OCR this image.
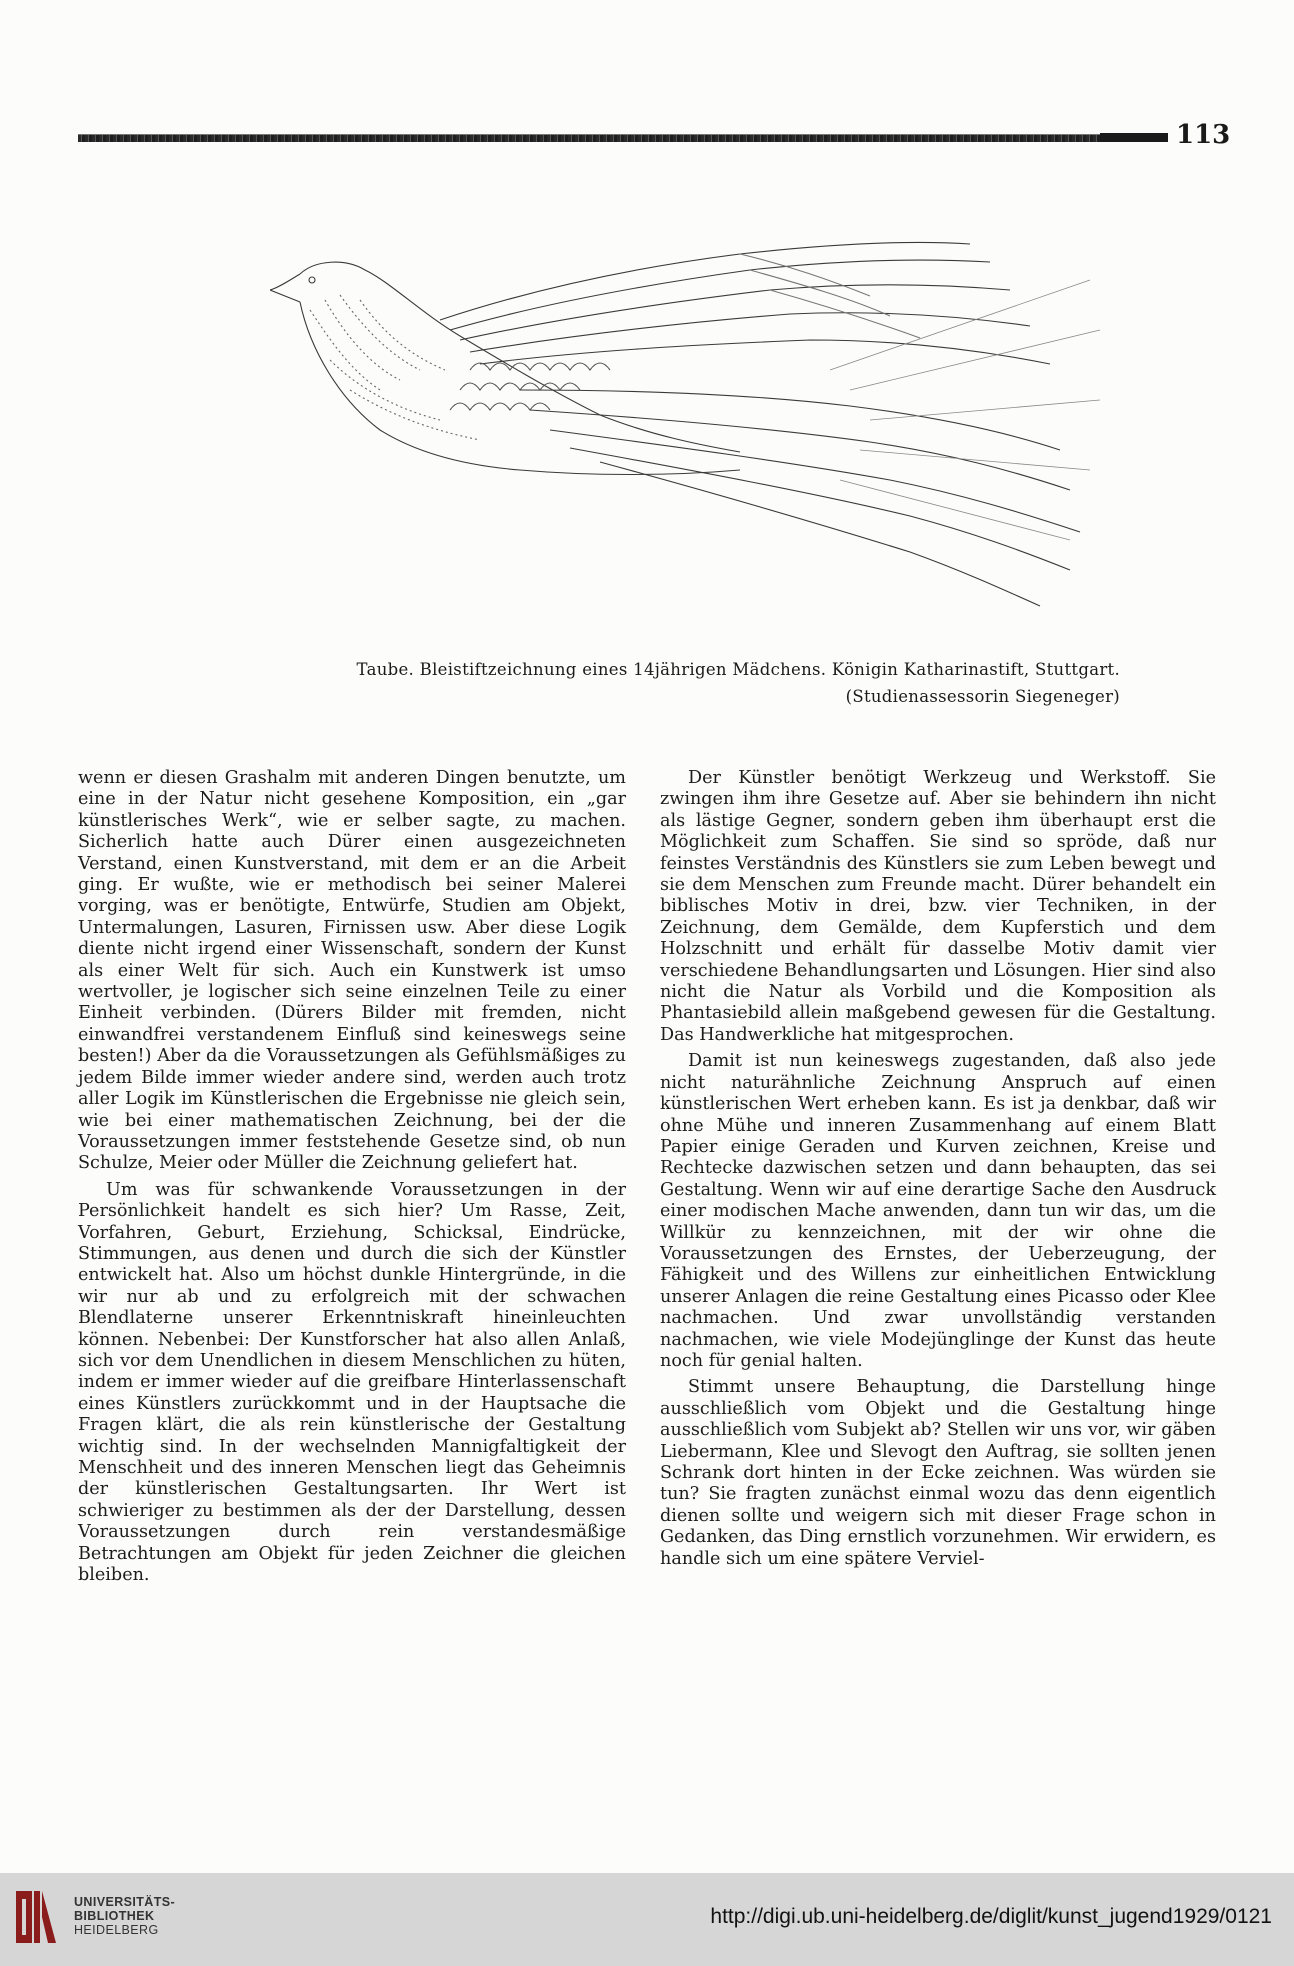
113
Taube. Bleistiftzeichnung eines 14jährigen Mädchens. Königin Katharinastift, Stuttgart.
(Studienassessorin Siegeneger)

wenn er diesen Grashalm mit anderen Dingen benutzte, um eine in der Natur nicht gesehene Komposition, ein „gar künstlerisches Werk“, wie er selber sagte, zu machen. Sicherlich hatte auch Dürer einen ausgezeichneten Verstand, einen Kunstverstand, mit dem er an die Arbeit ging. Er wußte, wie er methodisch bei seiner Malerei vorging, was er benötigte, Entwürfe, Studien am Objekt, Untermalungen, Lasuren, Firnissen usw. Aber diese Logik diente nicht irgend einer Wissenschaft, sondern der Kunst als einer Welt für sich. Auch ein Kunstwerk ist umso wertvoller, je logischer sich seine einzelnen Teile zu einer Einheit verbinden. (Dürers Bilder mit fremden, nicht einwandfrei verstandenem Einfluß sind keineswegs seine besten!) Aber da die Voraussetzungen als Gefühlsmäßiges zu jedem Bilde immer wieder andere sind, werden auch trotz aller Logik im Künstlerischen die Ergebnisse nie gleich sein, wie bei einer mathematischen Zeichnung, bei der die Voraussetzungen immer feststehende Gesetze sind, ob nun Schulze, Meier oder Müller die Zeichnung geliefert hat.

Um was für schwankende Voraussetzungen in der Persönlichkeit handelt es sich hier? Um Rasse, Zeit, Vorfahren, Geburt, Erziehung, Schicksal, Eindrücke, Stimmungen, aus denen und durch die sich der Künstler entwickelt hat. Also um höchst dunkle Hintergründe, in die wir nur ab und zu erfolgreich mit der schwachen Blendlaterne unserer Erkenntniskraft hineinleuchten können. Nebenbei: Der Kunstforscher hat also allen Anlaß, sich vor dem Unendlichen in diesem Menschlichen zu hüten, indem er immer wieder auf die greifbare Hinterlassenschaft eines Künstlers zurückkommt und in der Hauptsache die Fragen klärt, die als rein künstlerische der Gestaltung wichtig sind. In der wechselnden Mannigfaltigkeit der Menschheit und des inneren Menschen liegt das Geheimnis der künstlerischen Gestaltungsarten. Ihr Wert ist schwieriger zu bestimmen als der der Darstellung, dessen Voraussetzungen durch rein verstandesmäßige Betrachtungen am Objekt für jeden Zeichner die gleichen bleiben.

Der Künstler benötigt Werkzeug und Werkstoff. Sie zwingen ihm ihre Gesetze auf. Aber sie behindern ihn nicht als lästige Gegner, sondern geben ihm überhaupt erst die Möglichkeit zum Schaffen. Sie sind so spröde, daß nur feinstes Verständnis des Künstlers sie zum Leben bewegt und sie dem Menschen zum Freunde macht. Dürer behandelt ein biblisches Motiv in drei, bzw. vier Techniken, in der Zeichnung, dem Gemälde, dem Kupferstich und dem Holzschnitt und erhält für dasselbe Motiv damit vier verschiedene Behandlungsarten und Lösungen. Hier sind also nicht die Natur als Vorbild und die Komposition als Phantasiebild allein maßgebend gewesen für die Gestaltung. Das Handwerkliche hat mitgesprochen.

Damit ist nun keineswegs zugestanden, daß also jede nicht naturähnliche Zeichnung Anspruch auf einen künstlerischen Wert erheben kann. Es ist ja denkbar, daß wir ohne Mühe und inneren Zusammenhang auf einem Blatt Papier einige Geraden und Kurven zeichnen, Kreise und Rechtecke dazwischen setzen und dann behaupten, das sei Gestaltung. Wenn wir auf eine derartige Sache den Ausdruck einer modischen Mache anwenden, dann tun wir das, um die Willkür zu kennzeichnen, mit der wir ohne die Voraussetzungen des Ernstes, der Ueberzeugung, der Fähigkeit und des Willens zur einheitlichen Entwicklung unserer Anlagen die reine Gestaltung eines Picasso oder Klee nachmachen. Und zwar unvollständig verstanden nachmachen, wie viele Modejünglinge der Kunst das heute noch für genial halten.

Stimmt unsere Behauptung, die Darstellung hinge ausschließlich vom Objekt und die Gestaltung hinge ausschließlich vom Subjekt ab? Stellen wir uns vor, wir gäben Liebermann, Klee und Slevogt den Auftrag, sie sollten jenen Schrank dort hinten in der Ecke zeichnen. Was würden sie tun? Sie fragten zunächst einmal wozu das denn eigentlich dienen sollte und weigern sich mit dieser Frage schon in Gedanken, das Ding ernstlich vorzunehmen. Wir erwidern, es handle sich um eine spätere Verviel-

UNIVERSITÄTS-
BIBLIOTHEK
HEIDELBERG
http://digi.ub.uni-heidelberg.de/diglit/kunst_jugend1929/0121
